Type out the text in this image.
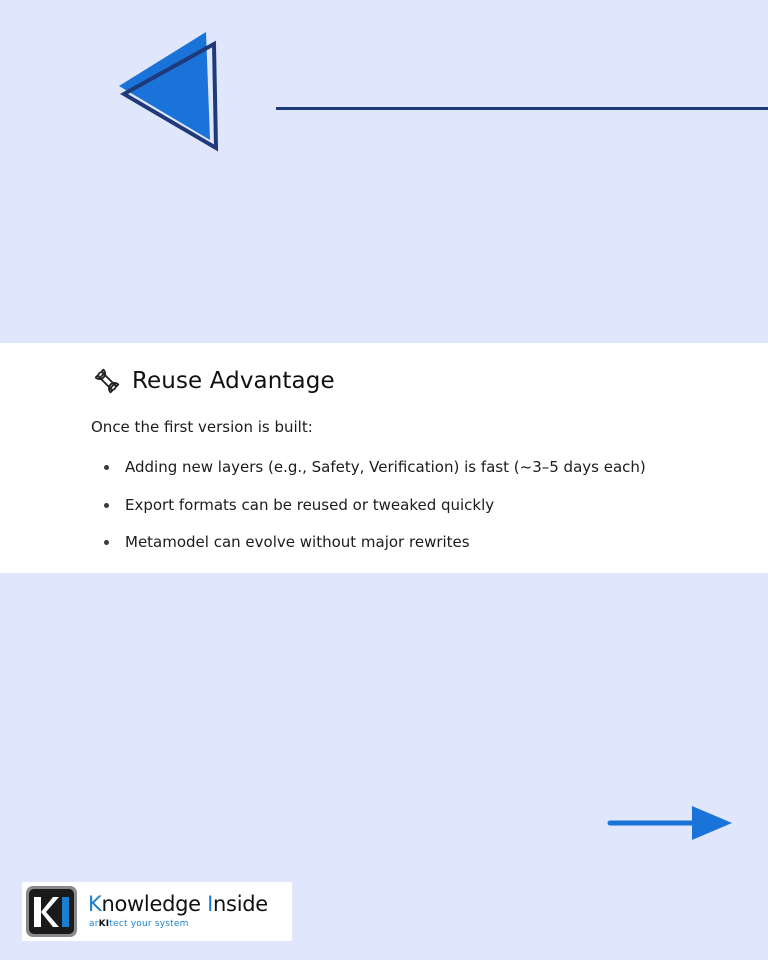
Reuse Advantage
Once the first version is built:
Adding new layers (e.g., Safety, Verification) is fast (~3–5 days each)
Export formats can be reused or tweaked quickly
Metamodel can evolve without major rewrites
Knowledge Inside
arKItect your system
